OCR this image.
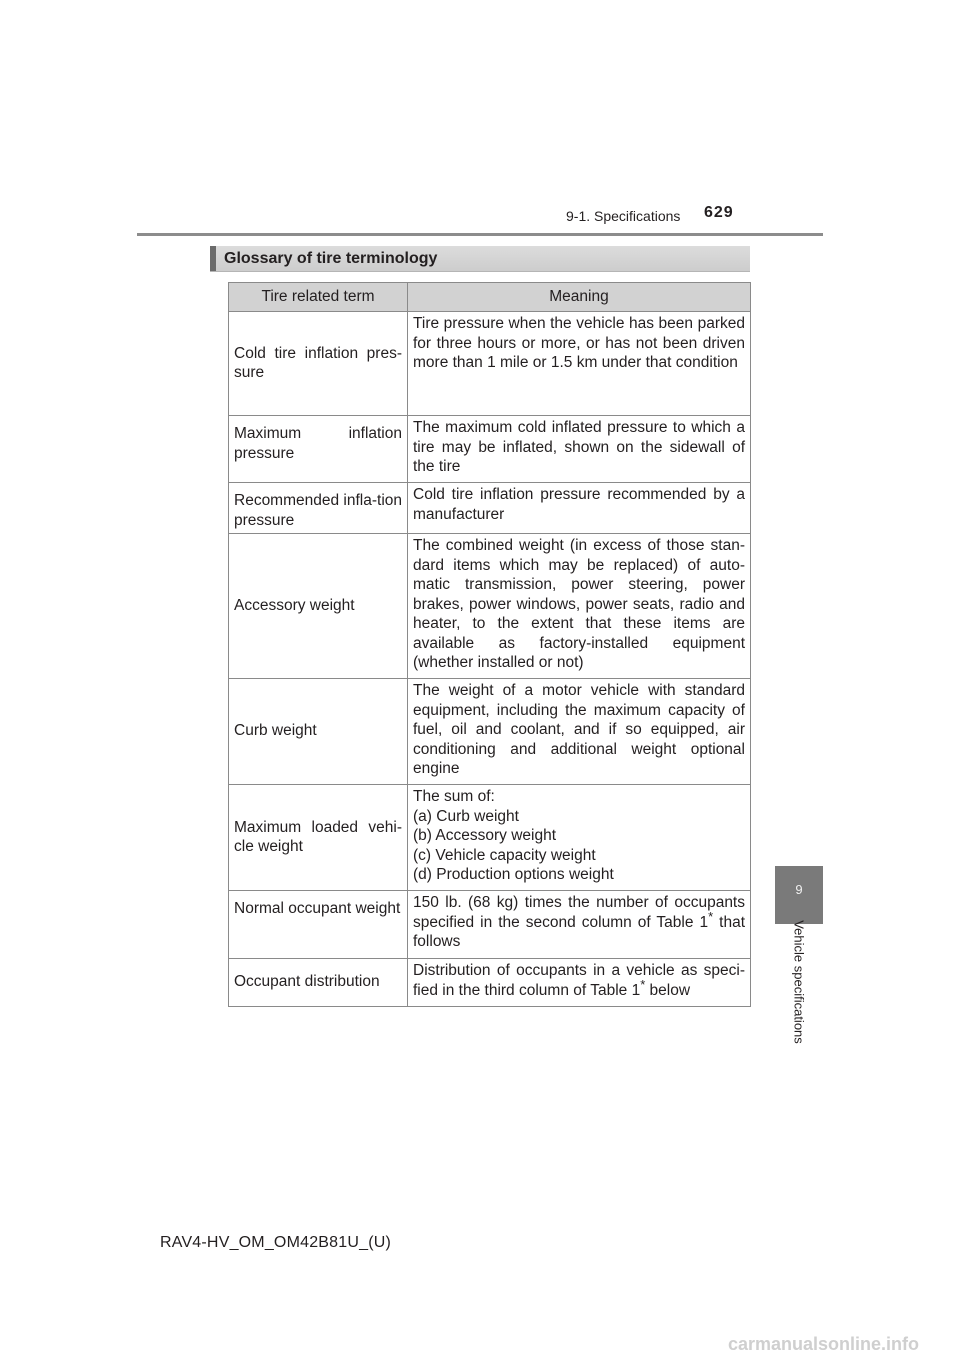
9-1. Specifications	629
Glossary of tire terminology
Tire related term	Meaning
Cold tire inflation pres-sure	Tire pressure when the vehicle has been parked for three hours or more, or has not been driven more than 1 mile or 1.5 km under that condition
Maximum inflation pressure	The maximum cold inflated pressure to which a tire may be inflated, shown on the sidewall of the tire
Recommended infla-tion pressure	Cold tire inflation pressure recommended by a manufacturer
Accessory weight	The combined weight (in excess of those stan-dard items which may be replaced) of auto-matic transmission, power steering, power brakes, power windows, power seats, radio and heater, to the extent that these items are available as factory-installed equipment (whether installed or not)
Curb weight	The weight of a motor vehicle with standard equipment, including the maximum capacity of fuel, oil and coolant, and if so equipped, air conditioning and additional weight optional engine
Maximum loaded vehi-cle weight	The sum of:
(a) Curb weight
(b) Accessory weight
(c) Vehicle capacity weight
(d) Production options weight

Normal occupant weight	150 lb. (68 kg) times the number of occupants specified in the second column of Table 1* that follows
Occupant distribution	Distribution of occupants in a vehicle as speci-fied in the third column of Table 1* below
9
Vehicle specifications
RAV4-HV_OM_OM42B81U_(U)
carmanualsonline.info
